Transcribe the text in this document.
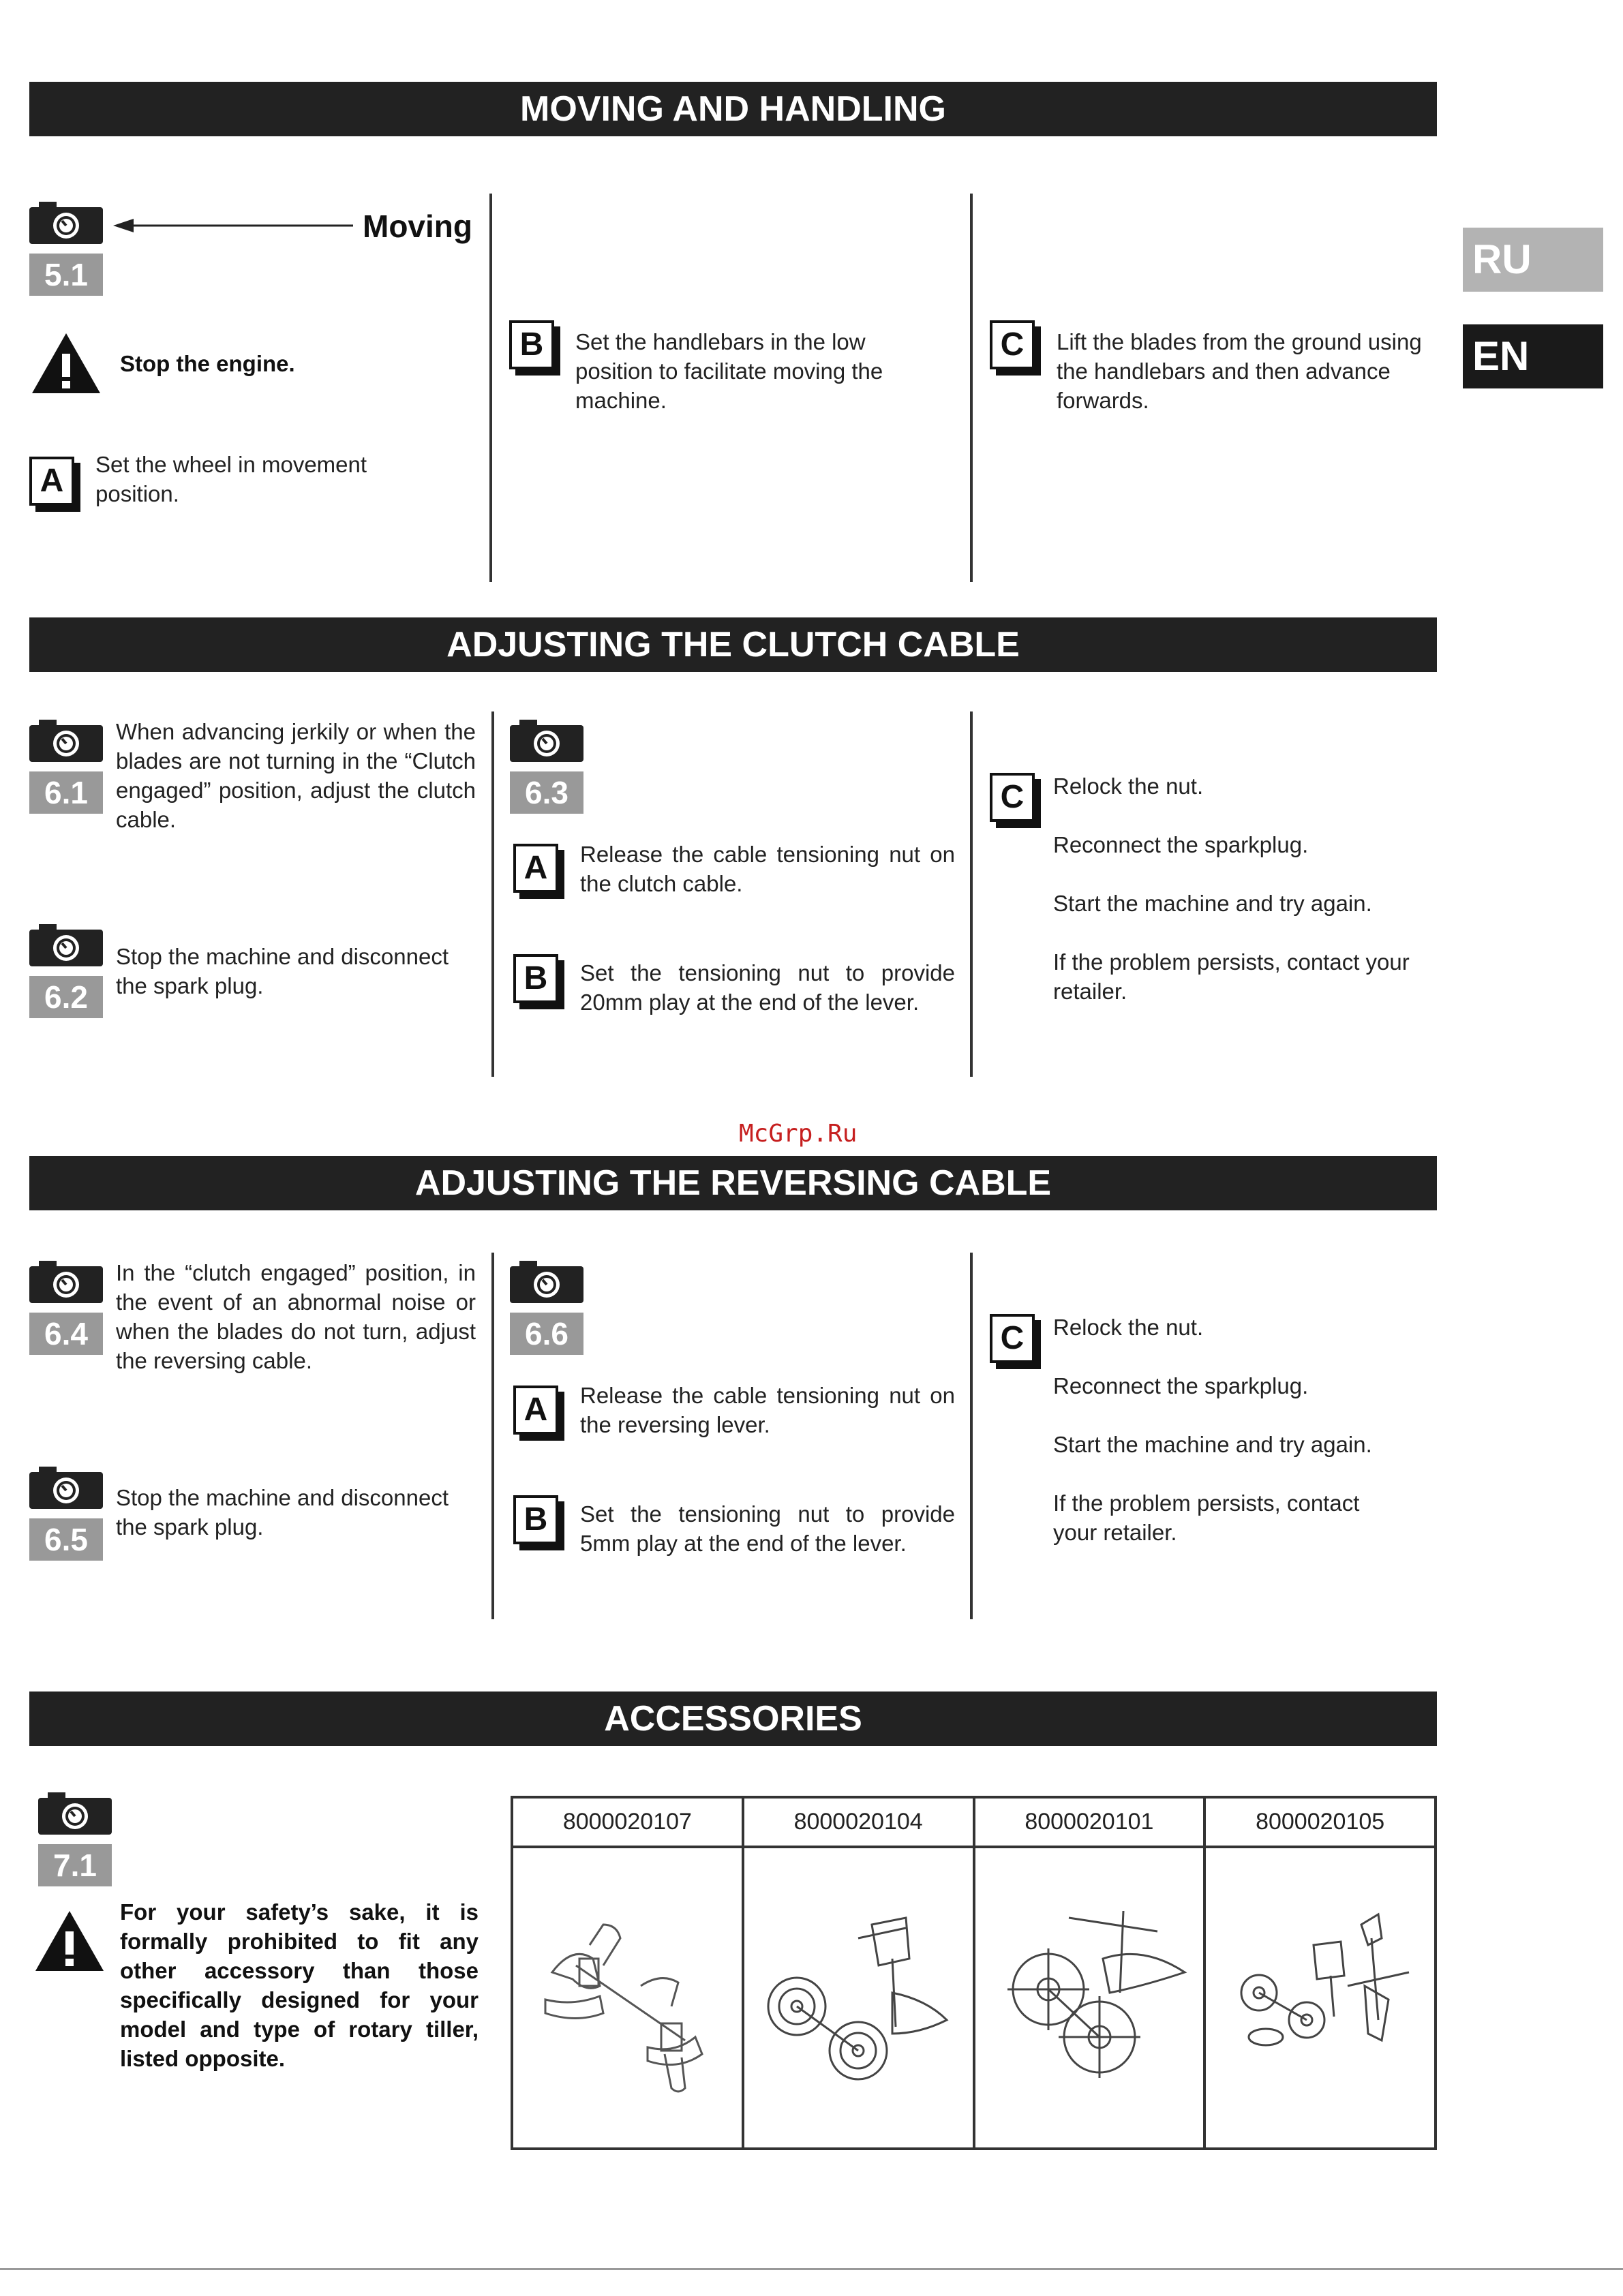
RU
EN
MOVING AND HANDLING
5.1
Moving
Stop the engine.
A	Set the wheel in movement position.
B	Set the handlebars in the low position to facilitate moving the machine.
C	Lift the blades from the ground using the handlebars and then advance forwards.
ADJUSTING THE CLUTCH CABLE
6.1
When advancing jerkily or when the blades are not turning in the “Clutch engaged” position, adjust the clutch cable.
6.2
Stop the machine and disconnect the spark plug.
6.3
A	Release the cable tensioning nut on the clutch cable.
B	Set the tensioning nut to provide 20mm play at the end of the lever.
C	Relock the nut.
Reconnect the sparkplug.
Start the machine and try again.
If the problem persists, contact your retailer.
McGrp.Ru
ADJUSTING THE REVERSING CABLE
6.4
In the “clutch engaged” position, in the event of an abnormal noise or when the blades do not turn, adjust the reversing cable.
6.5
Stop the machine and disconnect the spark plug.
6.6
A	Release the cable tensioning nut on the reversing lever.
B	Set the tensioning nut to provide 5mm play at the end of the lever.
C	Relock the nut.
Reconnect the sparkplug.
Start the machine and try again.
If the problem persists, contact your retailer.
ACCESSORIES
7.1
For your safety’s sake, it is formally prohibited to fit any other accessory than those specifically designed for your model and type of rotary tiller, listed opposite.
8000020107	8000020104	8000020101	8000020105
